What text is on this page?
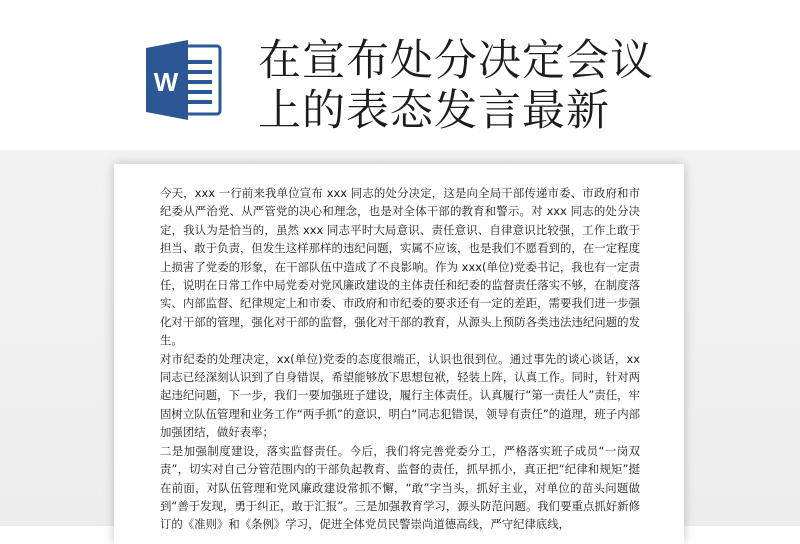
W 在宣布处分决定会议
上的表态发言最新

今天，xxx 一行前来我单位宣布 xxx 同志的处分决定，这是向全局干部传递市委、市政府和市纪委从严治党、从严管党的决心和理念，也是对全体干部的教育和警示。对 xxx 同志的处分决定，我认为是恰当的，虽然 xxx 同志平时大局意识、责任意识、自律意识比较强，工作上敢于担当、敢于负责，但发生这样那样的违纪问题，实属不应该，也是我们不愿看到的，在一定程度上损害了党委的形象，在干部队伍中造成了不良影响。作为 xxx(单位)党委书记，我也有一定责任，说明在日常工作中局党委对党风廉政建设的主体责任和纪委的监督责任落实不够，在制度落实、内部监督、纪律规定上和市委、市政府和市纪委的要求还有一定的差距，需要我们进一步强化对干部的管理，强化对干部的监督，强化对干部的教育，从源头上预防各类违法违纪问题的发生。

对市纪委的处理决定，xx(单位)党委的态度很端正，认识也很到位。通过事先的谈心谈话，xx 同志已经深刻认识到了自身错误，希望能够放下思想包袱，轻装上阵，认真工作。同时，针对两起违纪问题，下一步，我们一要加强班子建设，履行主体责任。认真履行“第一责任人”责任，牢固树立队伍管理和业务工作“两手抓”的意识，明白“同志犯错误，领导有责任”的道理，班子内部加强团结，做好表率；

二是加强制度建设，落实监督责任。今后，我们将完善党委分工，严格落实班子成员“一岗双责”，切实对自己分管范围内的干部负起教育、监督的责任，抓早抓小，真正把“纪律和规矩”挺在前面，对队伍管理和党风廉政建设常抓不懈，“敢”字当头，抓好主业，对单位的苗头问题做到“善于发现，勇于纠正，敢于汇报”。三是加强教育学习，源头防范问题。我们要重点抓好新修订的《准则》和《条例》学习，促进全体党员民警崇尚道德高线，严守纪律底线，
